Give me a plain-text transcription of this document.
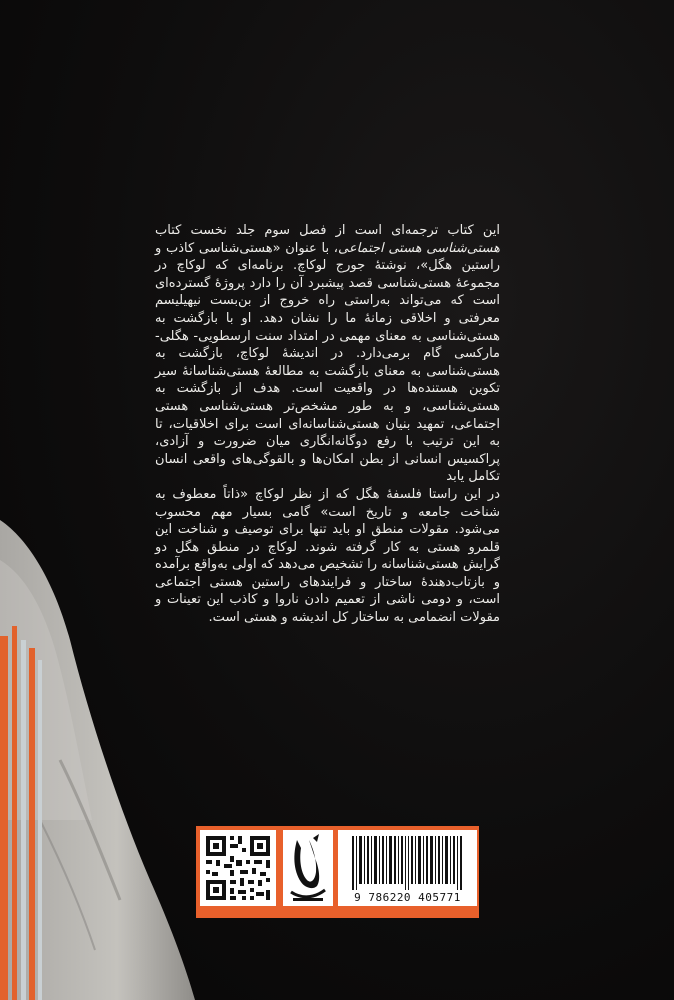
این کتاب ترجمه‌ای است از فصل سوم جلد نخست کتاب هستی‌شناسی هستی اجتماعی، با عنوان «هستی‌شناسی کاذب و راستین هگل»، نوشتهٔ جورج لوکاچ. برنامه‌ای که لوکاچ در مجموعهٔ هستی‌شناسی قصد پیشبرد آن را دارد پروژهٔ گسترده‌ای است که می‌تواند به‌راستی راه خروج از بن‌بست نیهیلیسم معرفتی و اخلاقی زمانهٔ ما را نشان دهد. او با بازگشت به هستی‌شناسی به معنای مهمی در امتداد سنت ارسطویی- هگلی- مارکسی گام برمی‌دارد. در اندیشهٔ لوکاچ، بازگشت به هستی‌شناسی به معنای بازگشت به مطالعهٔ هستی‌شناسانهٔ سیر تکوین هستنده‌ها در واقعیت است. هدف از بازگشت به هستی‌شناسی، و به طور مشخص‌تر هستی‌شناسی هستی اجتماعی، تمهید بنیان هستی‌شناسانه‌ای است برای اخلاقیات، تا به این ترتیب با رفع دوگانه‌انگاری میان ضرورت و آزادی، پراکسیس انسانی از بطن امکان‌ها و بالقوگی‌های واقعی انسان تکامل یابد

در این راستا فلسفهٔ هگل که از نظر لوکاچ «ذاتاً معطوف به شناخت جامعه و تاریخ است» گامی بسیار مهم محسوب می‌شود. مقولات منطق او باید تنها برای توصیف و شناخت این قلمرو هستی به کار گرفته شوند. لوکاچ در منطق هگل دو گرایش هستی‌شناسانه را تشخیص می‌دهد که اولی به‌واقع برآمده و بازتاب‌دهندهٔ ساختار و فرایندهای راستین هستی اجتماعی است، و دومی ناشی از تعمیم دادن ناروا و کاذب این تعینات و مقولات انضمامی به ساختار کل اندیشه و هستی است.

9 786220 405771
